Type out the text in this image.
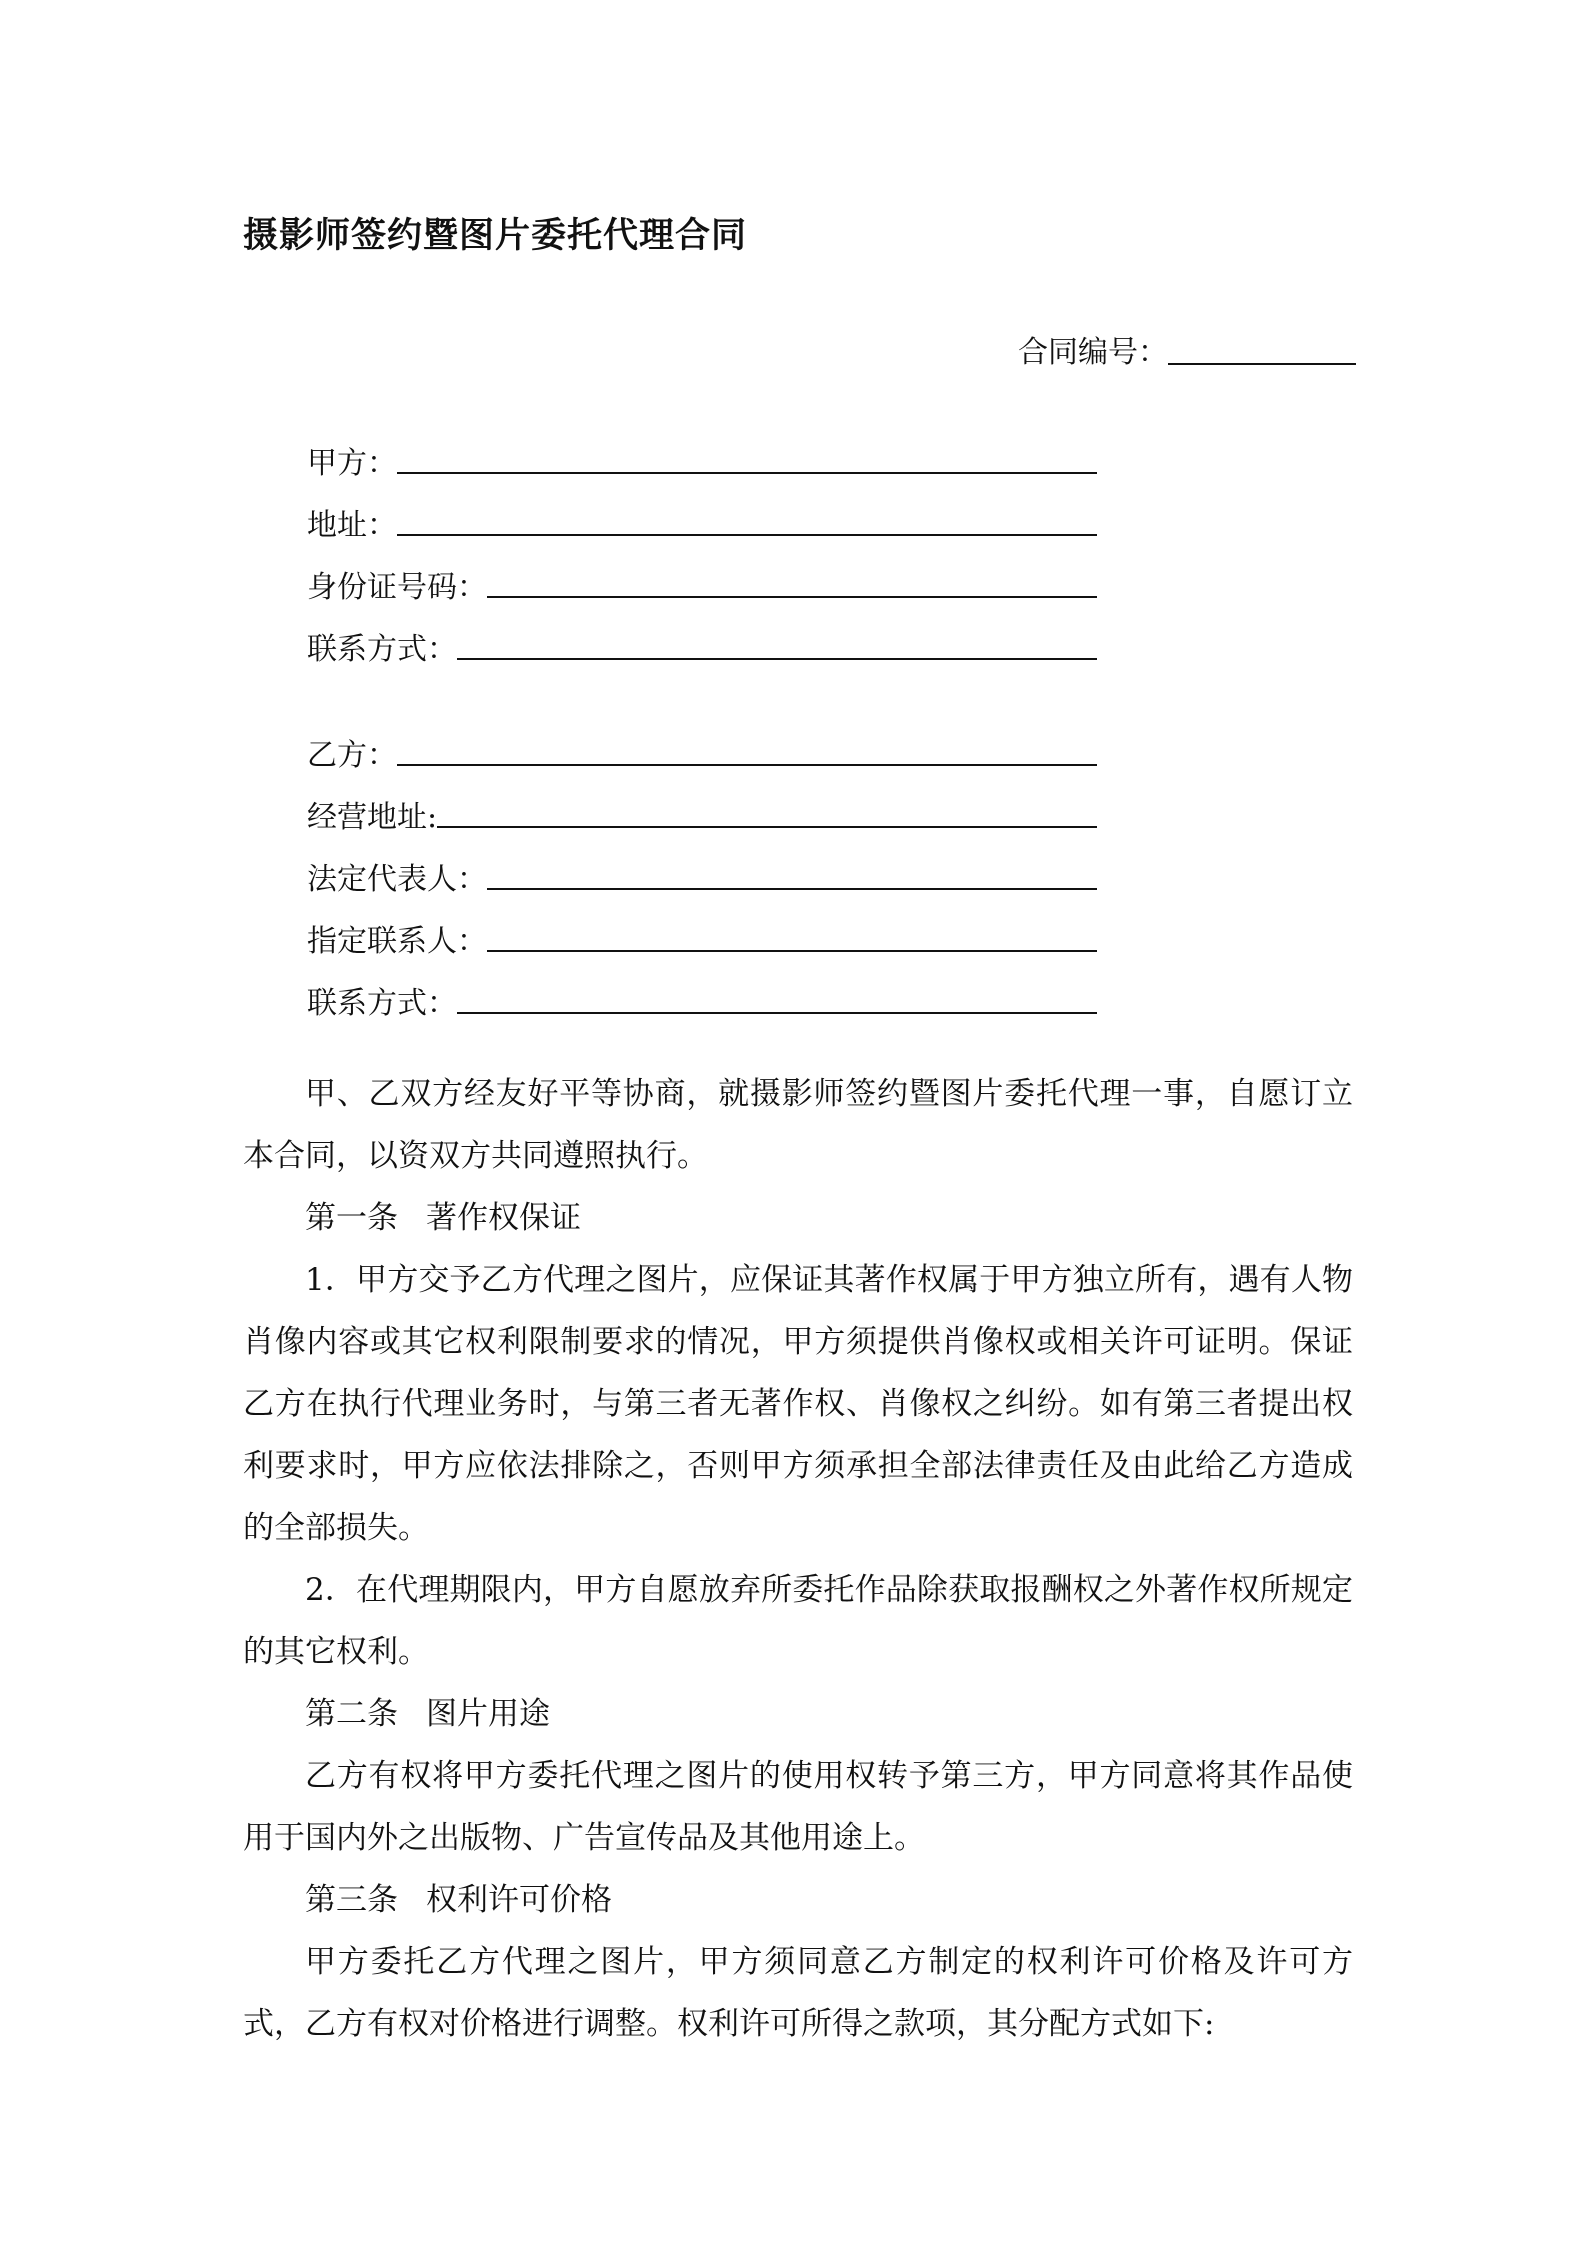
摄影师签约暨图片委托代理合同
合同编号：
甲方：
地址：
身份证号码：
联系方式：
乙方：
经营地址:
法定代表人：
指定联系人：
联系方式：

甲、乙双方经友好平等协商，就摄影师签约暨图片委托代理一事，自愿订立本合同，以资双方共同遵照执行。

第一条 著作权保证

1．甲方交予乙方代理之图片，应保证其著作权属于甲方独立所有，遇有人物肖像内容或其它权利限制要求的情况，甲方须提供肖像权或相关许可证明。保证乙方在执行代理业务时，与第三者无著作权、肖像权之纠纷。如有第三者提出权利要求时，甲方应依法排除之，否则甲方须承担全部法律责任及由此给乙方造成的全部损失。

2．在代理期限内，甲方自愿放弃所委托作品除获取报酬权之外著作权所规定的其它权利。

第二条 图片用途

乙方有权将甲方委托代理之图片的使用权转予第三方，甲方同意将其作品使用于国内外之出版物、广告宣传品及其他用途上。

第三条 权利许可价格

甲方委托乙方代理之图片，甲方须同意乙方制定的权利许可价格及许可方式，乙方有权对价格进行调整。权利许可所得之款项，其分配方式如下:
